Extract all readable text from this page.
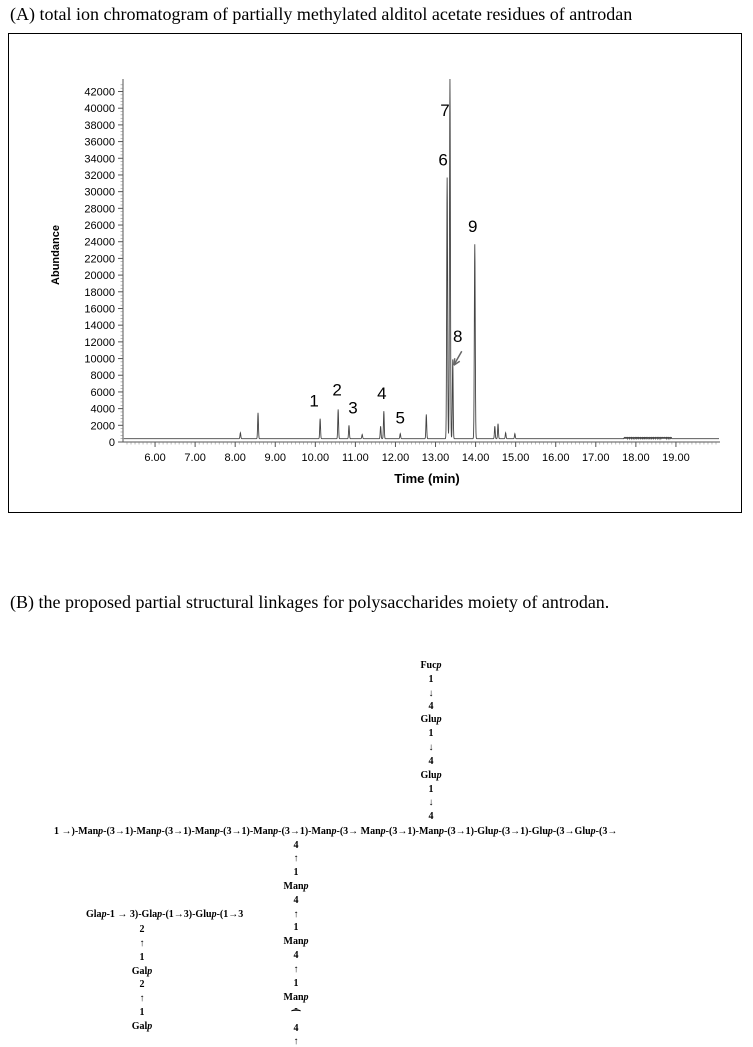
(A) total ion chromatogram of partially methylated alditol acetate residues of antrodan
6.00 7.00 8.00 9.00 10.00 11.00 12.00 13.00 14.00 15.00 16.00 17.00 18.00 19.00
0
2000
4000
6000
8000
10000
12000
14000
16000
18000
20000
22000
24000
26000
28000
30000
32000
34000
36000
38000
40000
42000
1
2
3
4
5
6
7
8
9
Time (min)
Abundance
(B) the proposed partial structural linkages for polysaccharides moiety of antrodan.
Fucp
1
↓
4
Glup
1
↓
4
Glup
1
↓
4
1 →)-Manp-(3→1)-Manp-(3→1)-Manp-(3→1)-Manp-(3→1)-Manp-(3→ Manp-(3→1)-Manp-(3→1)-Glup-(3→1)-Glup-(3→Glup-(3→
4
↑
1
Manp
4
↑
1
Manp
4
↑
1
Manp
-
⁀
4
↑
Glap-1 → 3)-Glap-(1→3)-Glup-(1→3
2
↑
1
Galp
2
↑
1
Galp
